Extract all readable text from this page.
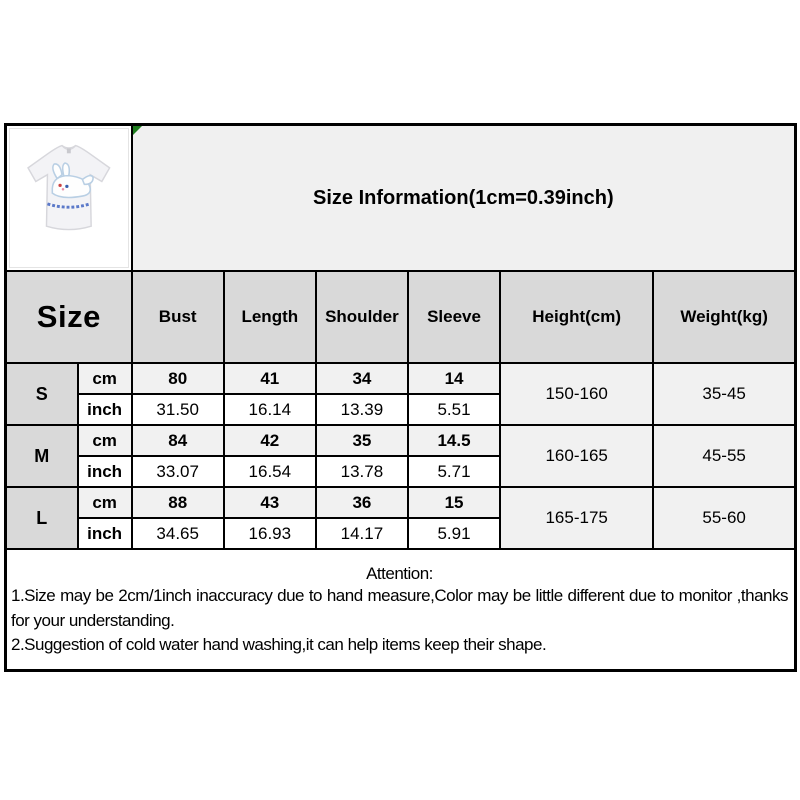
Size Information(1cm=0.39inch)					
Size		Bust	Length	Shoulder	Sleeve	Height(cm)	Weight(kg)
S	cm	80	41	34	14	150-160	35-45
	inch	31.50	16.14	13.39	5.51		
M	cm	84	42	35	14.5	160-165	45-55
	inch	33.07	16.54	13.78	5.71		
L	cm	88	43	36	15	165-175	55-60
	inch	34.65	16.93	14.17	5.91		

Attention:
1.Size may be 2cm/1inch inaccuracy due to hand measure,Color may be little different due to monitor ,thanks for your understanding.
2.Suggestion of cold water hand washing,it can help items keep their shape.							
